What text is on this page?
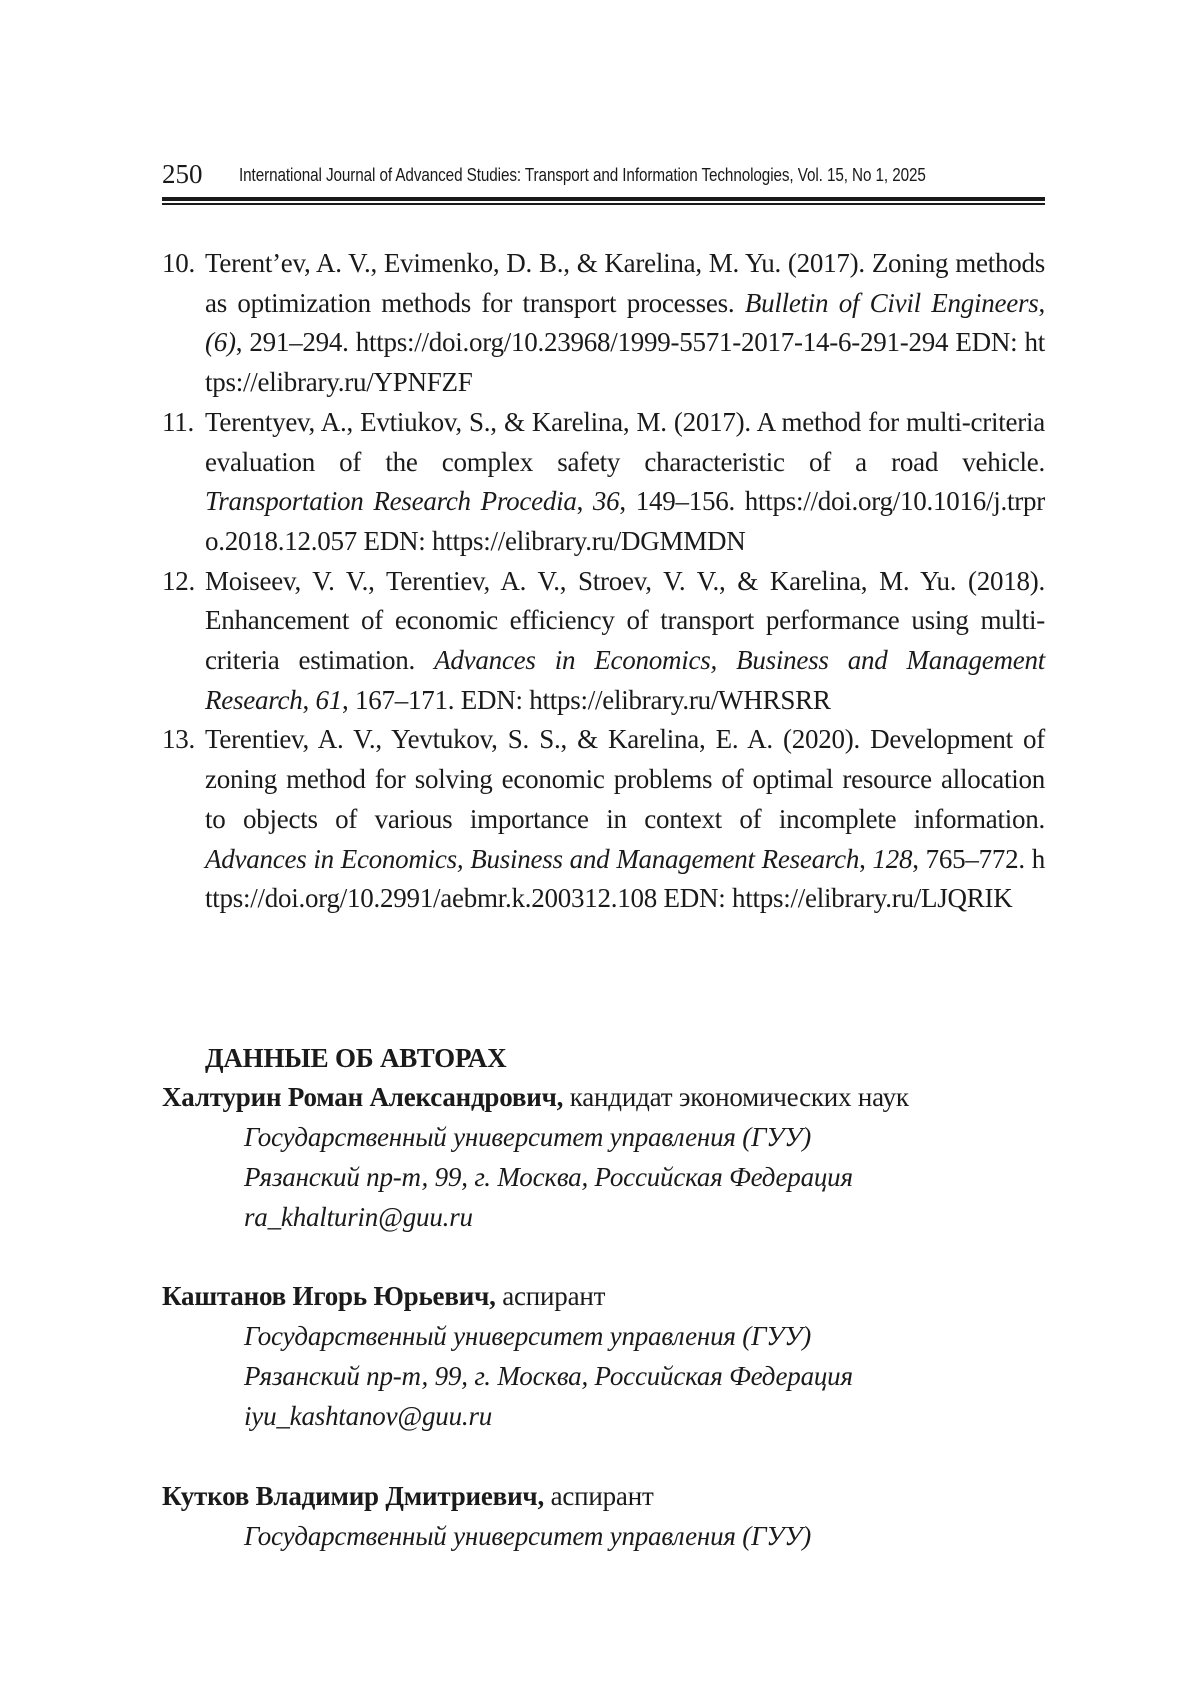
250 International Journal of Advanced Studies: Transport and Information Technologies, Vol. 15, No 1, 2025
10. Terent’ev, A. V., Evimenko, D. B., & Karelina, M. Yu. (2017). Zoning methods as optimization methods for transport processes. Bulletin of Civil Engineers, (6), 291–294. https://doi.org/10.23968/1999-5571-2017-14-6-291-294 EDN: https://elibrary.ru/YPNFZF
11. Terentyev, A., Evtiukov, S., & Karelina, M. (2017). A method for multi-criteria evaluation of the complex safety characteristic of a road vehicle. Transportation Research Procedia, 36, 149–156. https://doi.org/10.1016/j.trpro.2018.12.057 EDN: https://elibrary.ru/DGMMDN
12. Moiseev, V. V., Terentiev, A. V., Stroev, V. V., & Karelina, M. Yu. (2018). Enhancement of economic efficiency of transport performance using multi-criteria estimation. Advances in Economics, Business and Management Research, 61, 167–171. EDN: https://elibrary.ru/WHRSRR
13. Terentiev, A. V., Yevtukov, S. S., & Karelina, E. A. (2020). Development of zoning method for solving economic problems of optimal resource allocation to objects of various importance in context of incomplete information. Advances in Economics, Business and Management Research, 128, 765–772. https://doi.org/10.2991/aebmr.k.200312.108 EDN: https://elibrary.ru/LJQRIK
ДАННЫЕ ОБ АВТОРАХ
Халтурин Роман Александрович, кандидат экономических наук
Государственный университет управления (ГУУ)
Рязанский пр-т, 99, г. Москва, Российская Федерация
ra_khalturin@guu.ru
Каштанов Игорь Юрьевич, аспирант
Государственный университет управления (ГУУ)
Рязанский пр-т, 99, г. Москва, Российская Федерация
iyu_kashtanov@guu.ru
Кутков Владимир Дмитриевич, аспирант
Государственный университет управления (ГУУ)
